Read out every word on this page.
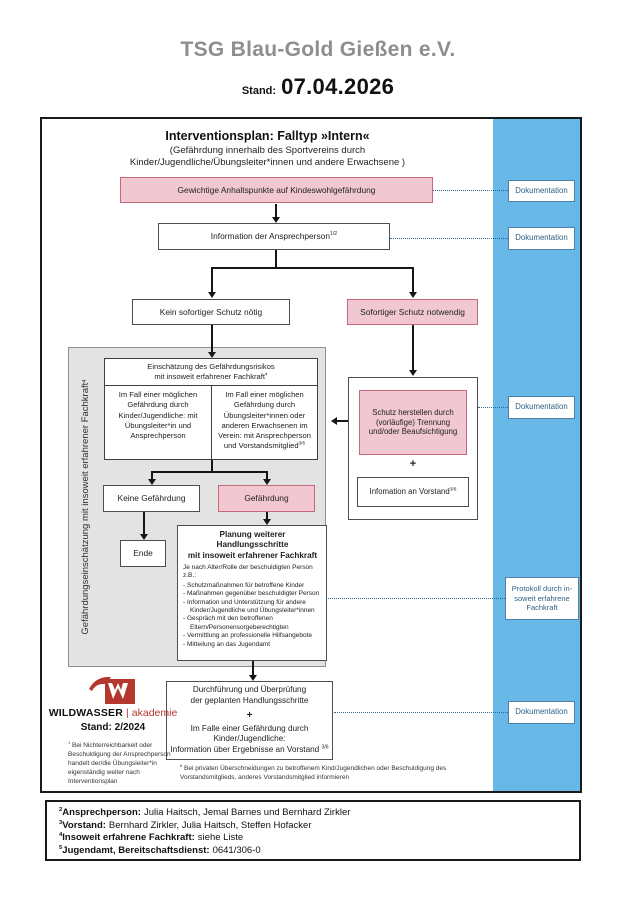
TSG Blau-Gold Gießen e.V.
Stand: 07.04.2026
Interventionsplan: Falltyp »Intern«
(Gefährdung innerhalb des Sportvereins durch
Kinder/Jugendliche/Übungsleiter*innen und andere Erwachsene )
Gewichtige Anhaltspunkte auf Kindeswohlgefährdung
Information der Ansprechperson$^{1/2}$
Kein sofortiger Schutz nötig	Sofortiger Schutz notwendig
Gefährdungseinschätzung mit insoweit erfahrener Fachkraft
4
Einschätzung des Gefährdungsrisikos
mit insoweit erfahrener Fachkraft$^4$
Im Fall einer möglichen Gefährdung durch Kinder/Jugendliche: mit Übungsleiter*in und Ansprechperson
Im Fall einer möglichen Gefährdung durch Übungsleiter*innen oder anderen Erwachsenen im Verein: mit Ansprechperson und Vorstandsmitglied$^{3/6}$
Keine Gefährdung	Gefährdung
Ende
Planung weiterer Handlungsschritte
mit insoweit erfahrener Fachkraft
Je nach Alter/Rolle der beschuldigten Person z.B.:
- Schutzmaßnahmen für betroffene Kinder
- Maßnahmen gegenüber beschuldigter Person
- Information und Unterstützung für andere Kinder/Jugendliche und Übungsleiter*innen
- Gespräch mit den betroffenen Eltern/Personensorgeberechtigten
- Vermittlung an professionelle Hilfsangebote
- Mitteilung an das Jugendamt
Schutz herstellen durch (vorläufige) Trennung und/oder Beaufsichtigung
+
Infomation an Vorstand$^{3/6}$
Durchführung und Überprüfung
der geplanten Handlungsschritte
+
Im Falle einer Gefährdung durch
Kinder/Jugendliche:
Information über Ergebnisse an Vorstand $^{3/6}$
Dokumentation
Dokumentation
Dokumentation
Protokoll durch in-
soweit erfahrene
Fachkraft
Dokumentation
WILDWASSER | akademie
Stand: 2/2024
$^1$ Bei Nichterreichbarkeit oder Beschuldigung der Ansprechperson handelt der/die Übungsleiter*in eigenständig weiter nach Interventionsplan
$^6$ Bei privaten Überschneidungen zu betroffenem Kind/Jugendlichen oder Beschuldigung des Vorstandsmitglieds, anderes Vorstandsmitglied informieren
$^2$Ansprechperson: Julia Haitsch, Jemal Barnes und Bernhard Zirkler
$^3$Vorstand: Bernhard Zirkler, Julia Haitsch, Steffen Hofacker
$^4$Insoweit erfahrene Fachkraft: siehe Liste
$^5$Jugendamt, Bereitschaftsdienst: 0641/306-0
